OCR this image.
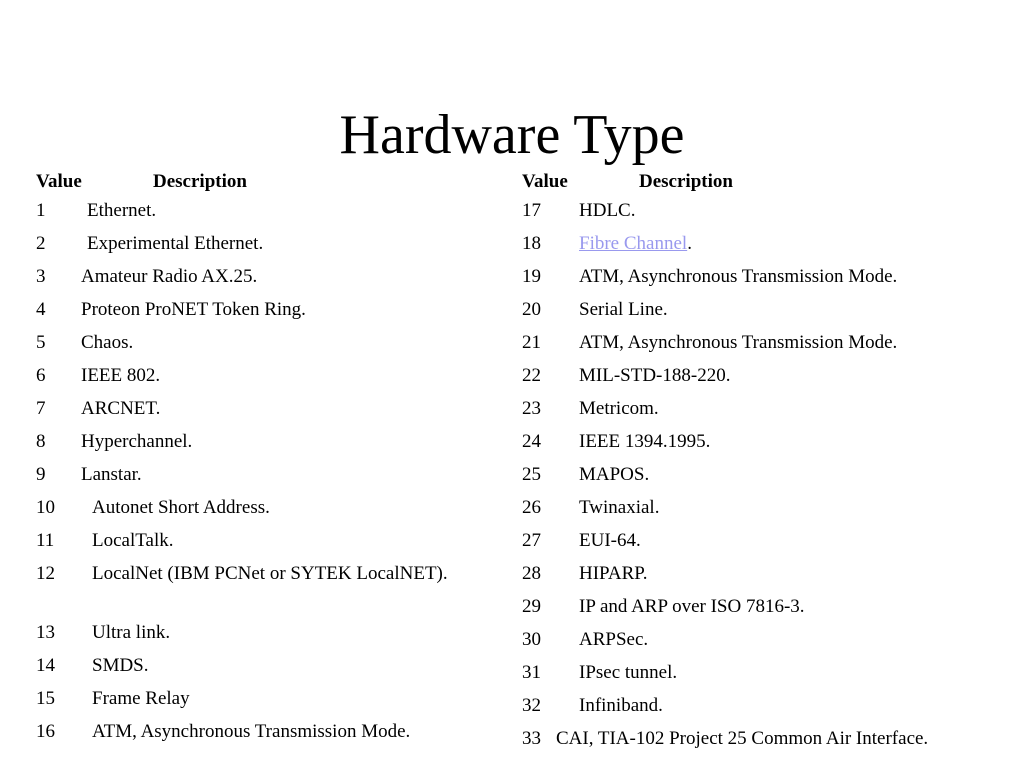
Hardware Type
Value	Description
1 Ethernet.
2 Experimental Ethernet.
3 Amateur Radio AX.25.
4 Proteon ProNET Token Ring.
5 Chaos.
6 IEEE 802.
7 ARCNET.
8 Hyperchannel.
9 Lanstar.
10 Autonet Short Address.
11 LocalTalk.
12 LocalNet (IBM PCNet or SYTEK LocalNET).
13 Ultra link.
14 SMDS.
15 Frame Relay
16 ATM, Asynchronous Transmission Mode.
Value	Description
17 HDLC.
18 Fibre Channel.
19 ATM, Asynchronous Transmission Mode.
20 Serial Line.
21 ATM, Asynchronous Transmission Mode.
22 MIL-STD-188-220.
23 Metricom.
24 IEEE 1394.1995.
25 MAPOS.
26 Twinaxial.
27 EUI-64.
28 HIPARP.
29 IP and ARP over ISO 7816-3.
30 ARPSec.
31 IPsec tunnel.
32 Infiniband.
33 CAI, TIA-102 Project 25 Common Air Interface.
